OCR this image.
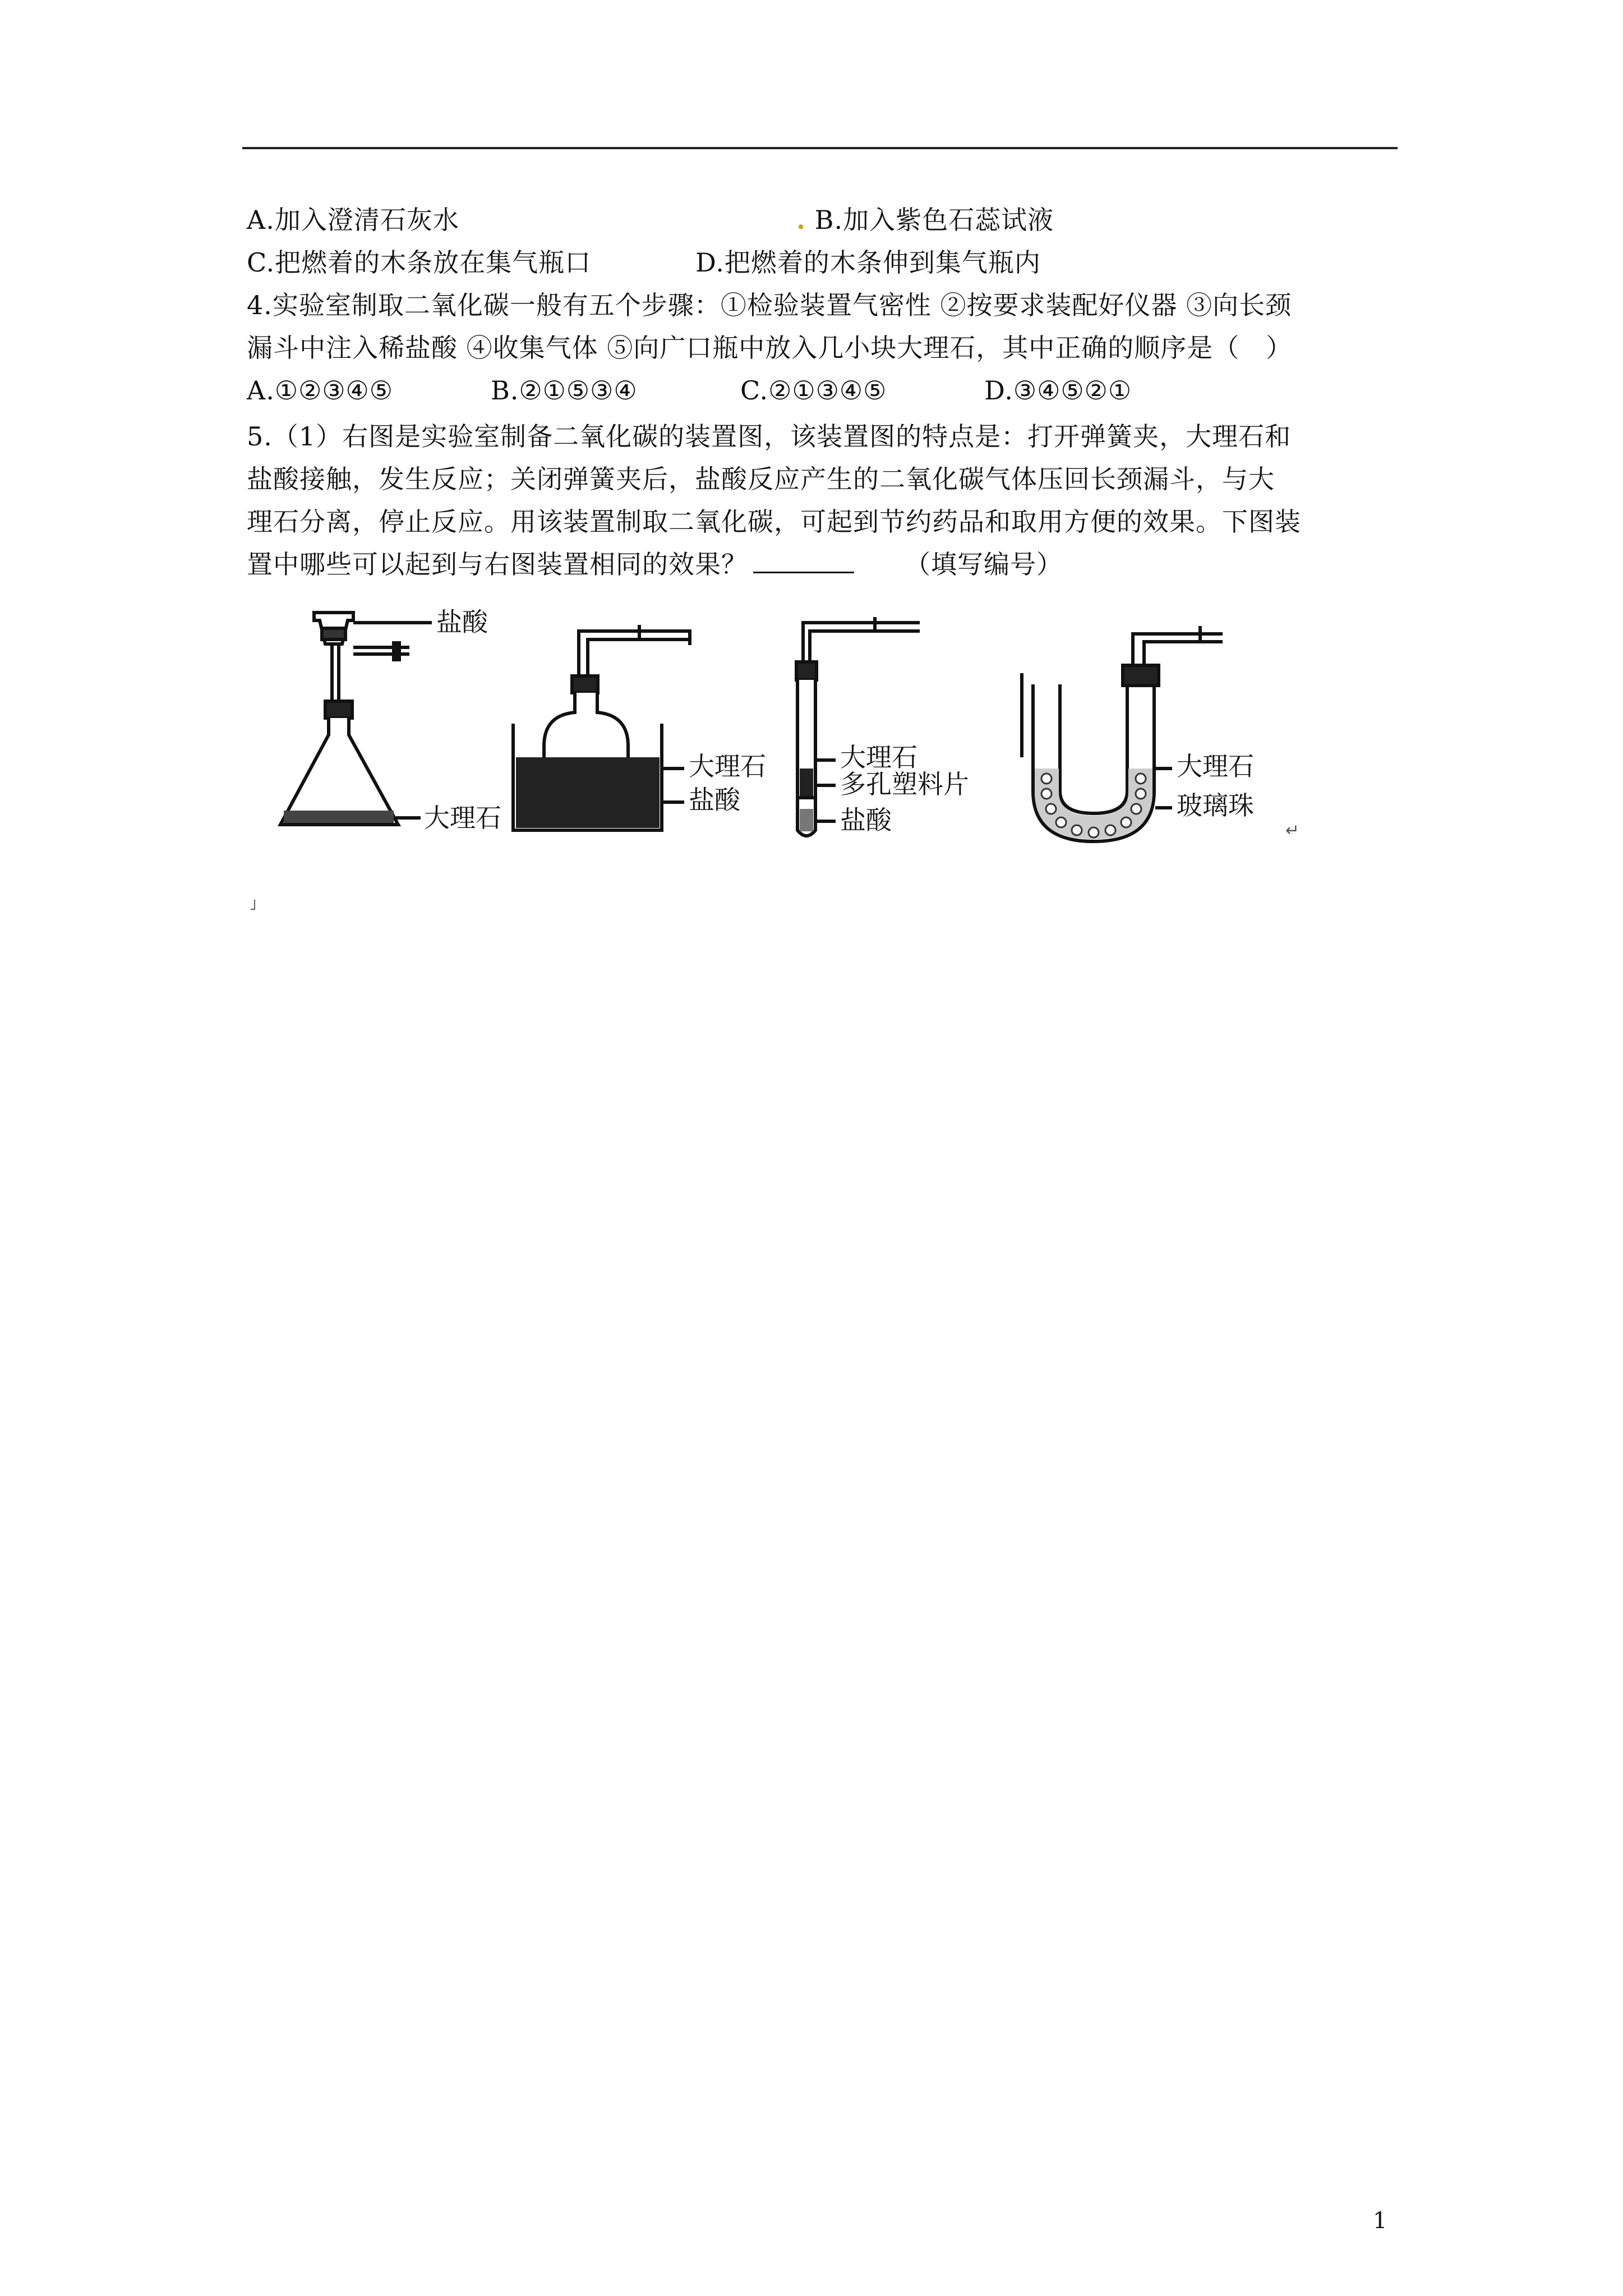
A.加入澄清石灰水	. B.加入紫色石蕊试液
C.把燃着的木条放在集气瓶口	D.把燃着的木条伸到集气瓶内
4.实验室制取二氧化碳一般有五个步骤：①检验装置气密性 ②按要求装配好仪器 ③向长颈
漏斗中注入稀盐酸 ④收集气体 ⑤向广口瓶中放入几小块大理石，其中正确的顺序是（　）
A.①②③④⑤	B.②①⑤③④	C.②①③④⑤	D.③④⑤②①
5.（1）右图是实验室制备二氧化碳的装置图，该装置图的特点是：打开弹簧夹，大理石和
盐酸接触，发生反应；关闭弹簧夹后，盐酸反应产生的二氧化碳气体压回长颈漏斗，与大
理石分离，停止反应。用该装置制取二氧化碳，可起到节约药品和取用方便的效果。下图装
置中哪些可以起到与右图装置相同的效果？	（填写编号）
盐酸
大理石
大理石
盐酸
大理石
多孔塑料片
盐酸
大理石
玻璃珠
↵
˩
1
